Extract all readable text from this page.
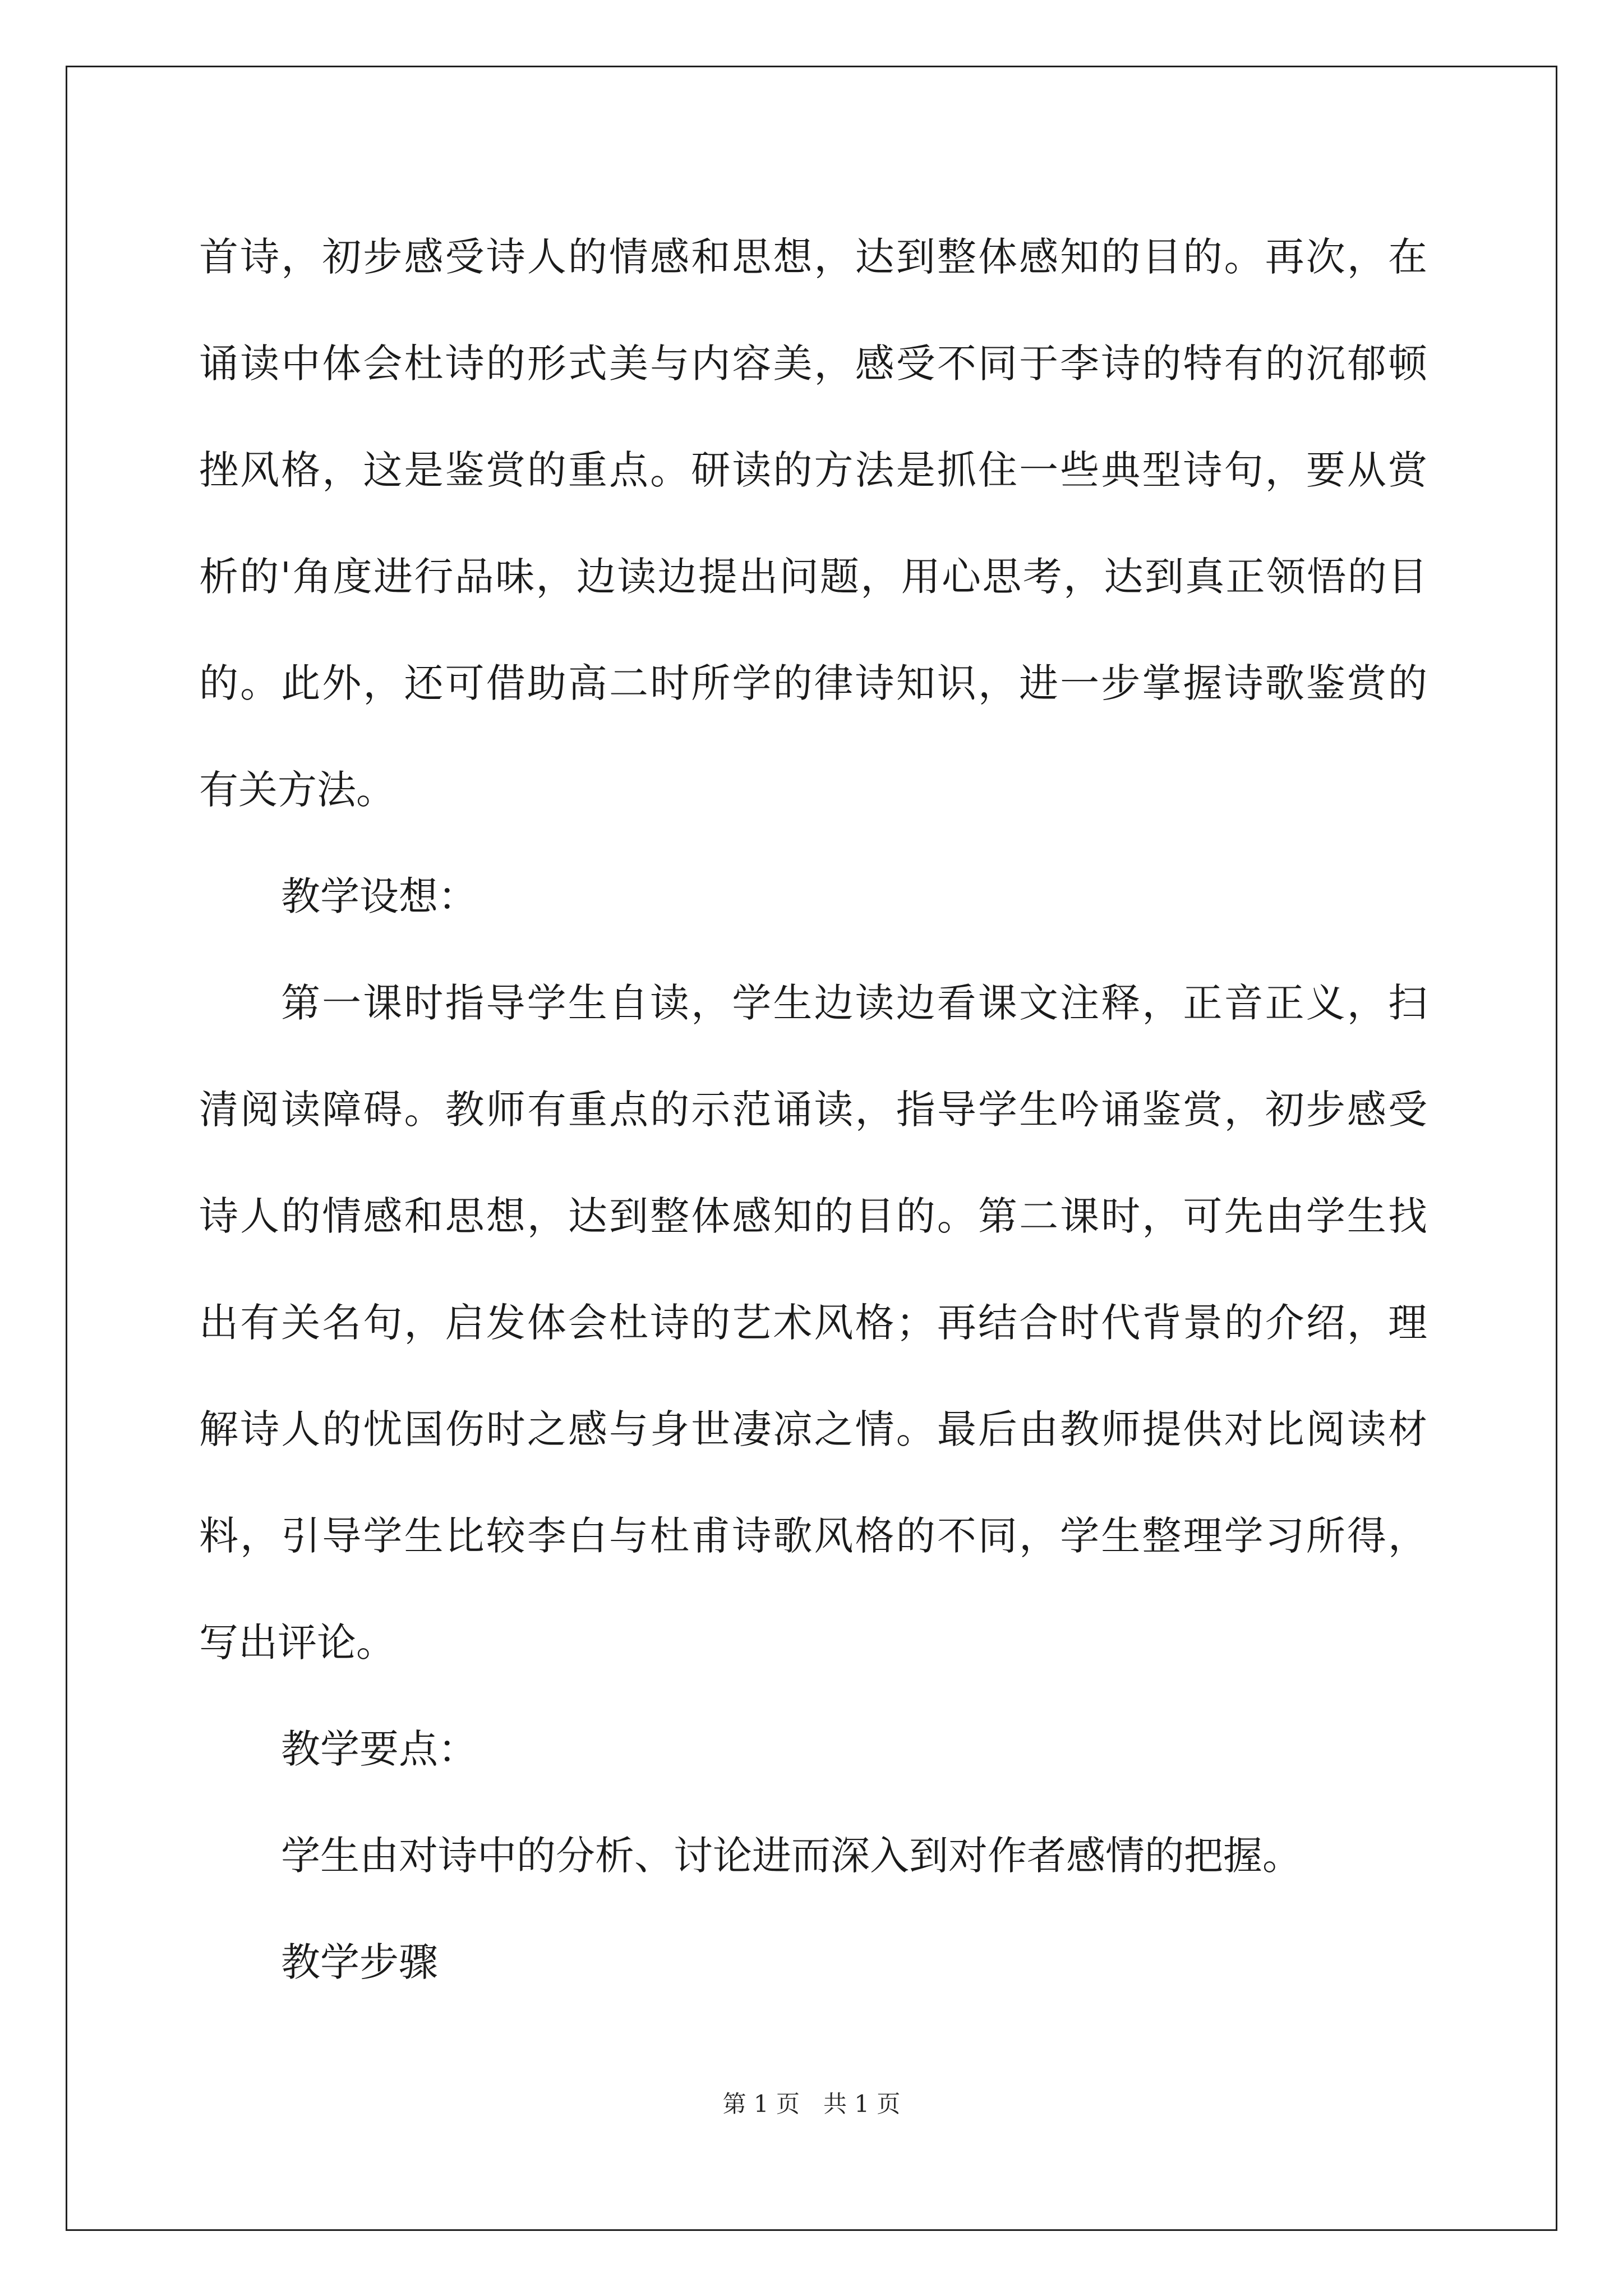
首诗，初步感受诗人的情感和思想，达到整体感知的目的。再次，在
诵读中体会杜诗的形式美与内容美，感受不同于李诗的特有的沉郁顿
挫风格，这是鉴赏的重点。研读的方法是抓住一些典型诗句，要从赏
析的'角度进行品味，边读边提出问题，用心思考，达到真正领悟的目
的。此外，还可借助高二时所学的律诗知识，进一步掌握诗歌鉴赏的
有关方法。
教学设想：
第一课时指导学生自读，学生边读边看课文注释，正音正义，扫
清阅读障碍。教师有重点的示范诵读，指导学生吟诵鉴赏，初步感受
诗人的情感和思想，达到整体感知的目的。第二课时，可先由学生找
出有关名句，启发体会杜诗的艺术风格；再结合时代背景的介绍，理
解诗人的忧国伤时之感与身世凄凉之情。最后由教师提供对比阅读材
料，引导学生比较李白与杜甫诗歌风格的不同，学生整理学习所得，
写出评论。
教学要点：
学生由对诗中的分析、讨论进而深入到对作者感情的把握。
教学步骤
第 1 页　共 1 页
